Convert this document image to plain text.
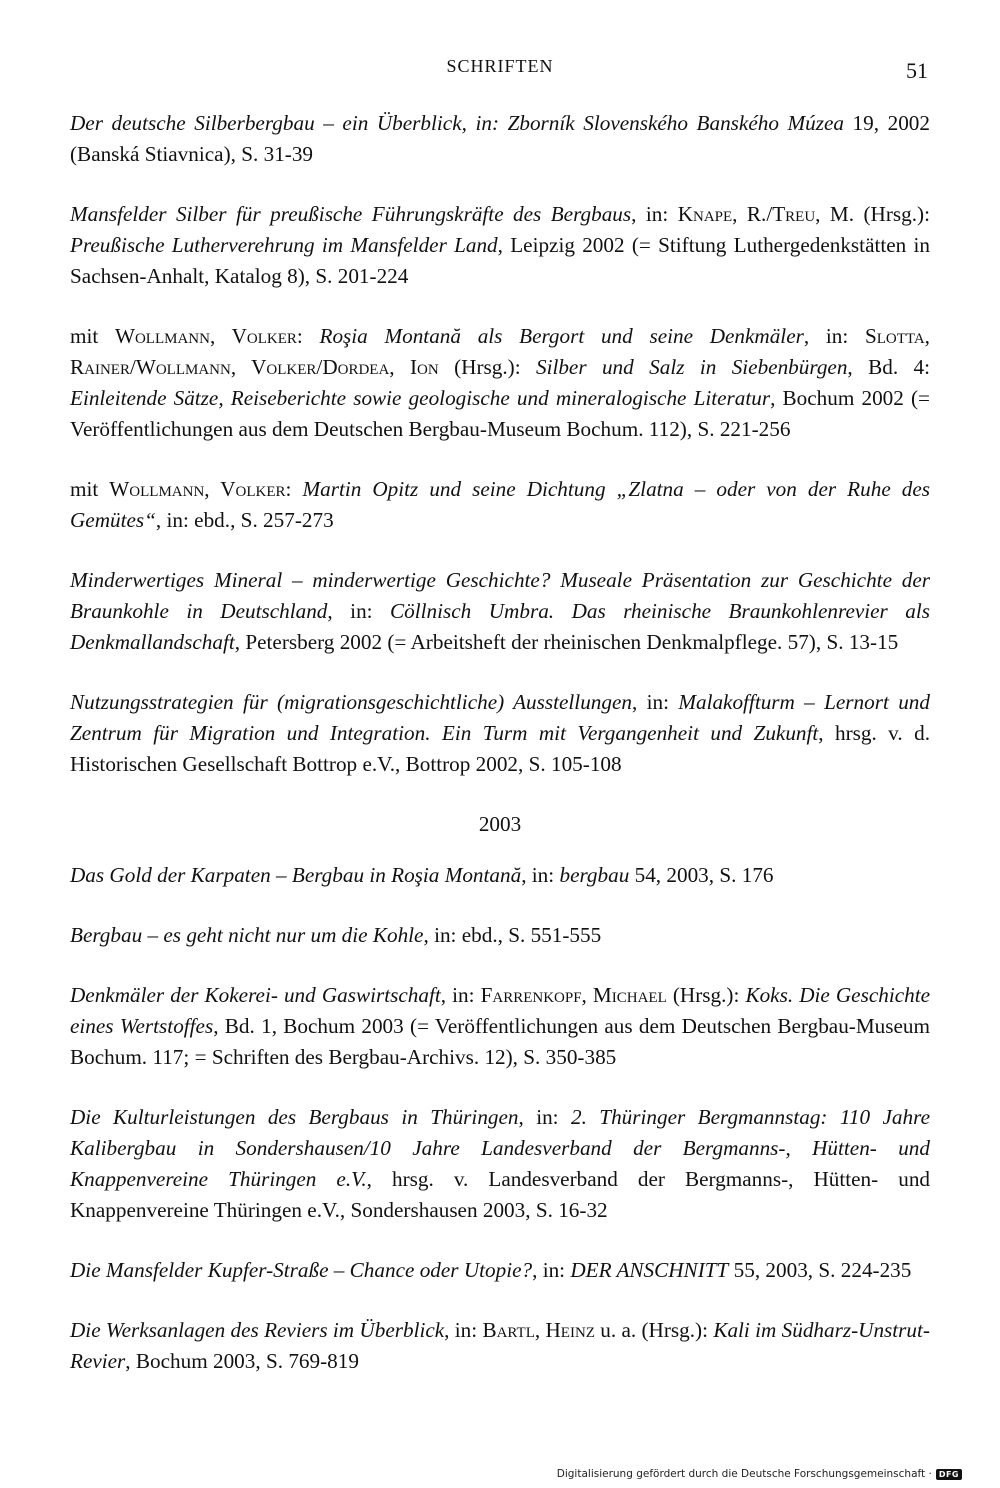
SCHRIFTEN	51

Der deutsche Silberbergbau – ein Überblick, in: Zborník Slovenského Banského Múzea 19, 2002 (Banská Stiavnica), S. 31-39

Mansfelder Silber für preußische Führungskräfte des Bergbaus, in: Knape, R./Treu, M. (Hrsg.): Preußische Lutherverehrung im Mansfelder Land, Leipzig 2002 (= Stiftung Luthergedenkstätten in Sachsen-Anhalt, Katalog 8), S. 201-224

mit Wollmann, Volker: Roşia Montană als Bergort und seine Denkmäler, in: Slotta, Rainer/Wollmann, Volker/Dordea, Ion (Hrsg.): Silber und Salz in Siebenbürgen, Bd. 4: Einleitende Sätze, Reiseberichte sowie geologische und mineralogische Literatur, Bochum 2002 (= Veröffentlichungen aus dem Deutschen Bergbau-Museum Bochum. 112), S. 221-256

mit Wollmann, Volker: Martin Opitz und seine Dichtung „Zlatna – oder von der Ruhe des Gemütes“, in: ebd., S. 257-273

Minderwertiges Mineral – minderwertige Geschichte? Museale Präsentation zur Geschichte der Braunkohle in Deutschland, in: Cöllnisch Umbra. Das rheinische Braunkohlenrevier als Denkmallandschaft, Petersberg 2002 (= Arbeitsheft der rheinischen Denkmalpflege. 57), S. 13-15

Nutzungsstrategien für (migrationsgeschichtliche) Ausstellungen, in: Malakoffturm – Lernort und Zentrum für Migration und Integration. Ein Turm mit Vergangenheit und Zukunft, hrsg. v. d. Historischen Gesellschaft Bottrop e.V., Bottrop 2002, S. 105-108

2003

Das Gold der Karpaten – Bergbau in Roşia Montană, in: bergbau 54, 2003, S. 176

Bergbau – es geht nicht nur um die Kohle, in: ebd., S. 551-555

Denkmäler der Kokerei- und Gaswirtschaft, in: Farrenkopf, Michael (Hrsg.): Koks. Die Geschichte eines Wertstoffes, Bd. 1, Bochum 2003 (= Veröffentlichungen aus dem Deutschen Bergbau-Museum Bochum. 117; = Schriften des Bergbau-Archivs. 12), S. 350-385

Die Kulturleistungen des Bergbaus in Thüringen, in: 2. Thüringer Bergmannstag: 110 Jahre Kalibergbau in Sondershausen/10 Jahre Landesverband der Bergmanns-, Hütten- und Knappenvereine Thüringen e.V., hrsg. v. Landesverband der Bergmanns-, Hütten- und Knappenvereine Thüringen e.V., Sondershausen 2003, S. 16-32

Die Mansfelder Kupfer-Straße – Chance oder Utopie?, in: DER ANSCHNITT 55, 2003, S. 224-235

Die Werksanlagen des Reviers im Überblick, in: Bartl, Heinz u. a. (Hrsg.): Kali im Südharz-Unstrut-Revier, Bochum 2003, S. 769-819

Digitalisierung gefördert durch die Deutsche Forschungsgemeinschaft · DFG
